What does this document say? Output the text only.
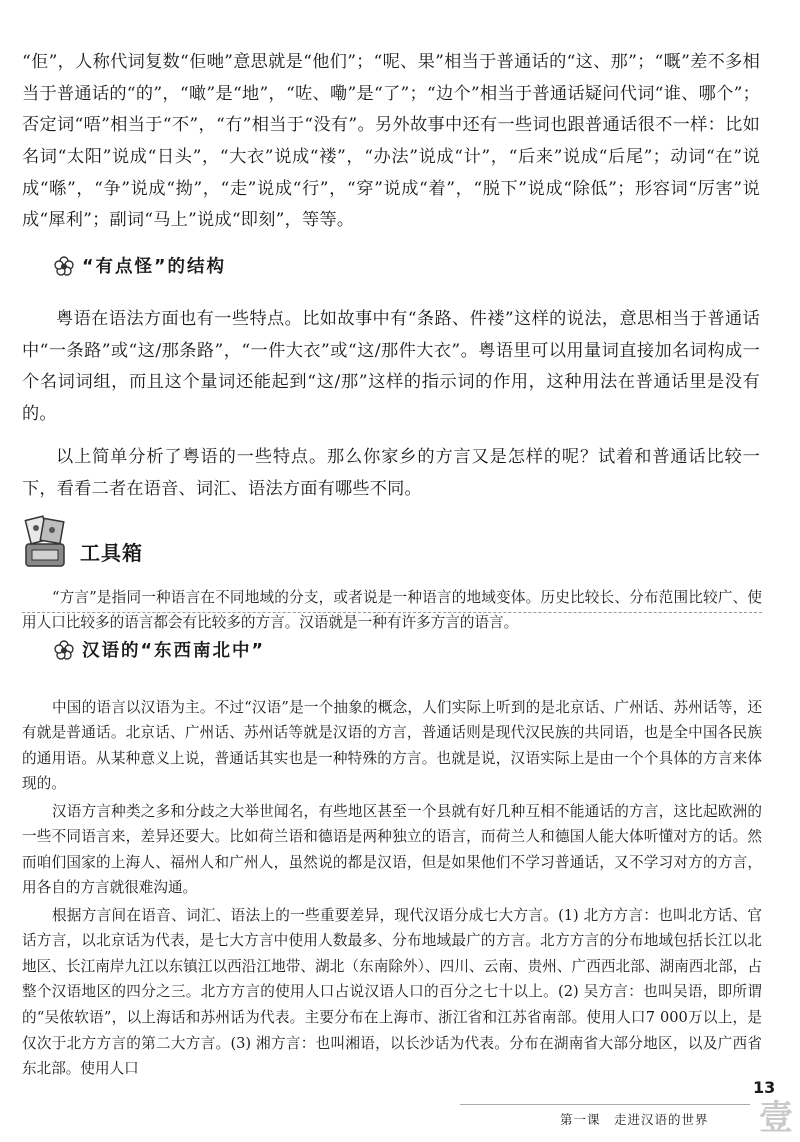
“佢”，人称代词复数“佢哋”意思就是“他们”；“呢、果”相当于普通话的“这、那”；“嘅”差不多相当于普通话的“的”，“噉”是“地”，“咗、嘞”是“了”；“边个”相当于普通话疑问代词“谁、哪个”；否定词“唔”相当于“不”，“冇”相当于“没有”。另外故事中还有一些词也跟普通话很不一样：比如名词“太阳”说成“日头”，“大衣”说成“褛”，“办法”说成“计”，“后来”说成“后尾”；动词“在”说成“喺”，“争”说成“拗”，“走”说成“行”，“穿”说成“着”，“脱下”说成“除低”；形容词“厉害”说成“犀利”；副词“马上”说成“即刻”，等等。

“有点怪”的结构

粤语在语法方面也有一些特点。比如故事中有“条路、件褛”这样的说法，意思相当于普通话中“一条路”或“这/那条路”，“一件大衣”或“这/那件大衣”。粤语里可以用量词直接加名词构成一个名词词组，而且这个量词还能起到“这/那”这样的指示词的作用，这种用法在普通话里是没有的。

以上简单分析了粤语的一些特点。那么你家乡的方言又是怎样的呢？试着和普通话比较一下，看看二者在语音、词汇、语法方面有哪些不同。

工具箱

“方言”是指同一种语言在不同地域的分支，或者说是一种语言的地域变体。历史比较长、分布范围比较广、使用人口比较多的语言都会有比较多的方言。汉语就是一种有许多方言的语言。

汉语的“东西南北中”

中国的语言以汉语为主。不过“汉语”是一个抽象的概念，人们实际上听到的是北京话、广州话、苏州话等，还有就是普通话。北京话、广州话、苏州话等就是汉语的方言，普通话则是现代汉民族的共同语，也是全中国各民族的通用语。从某种意义上说，普通话其实也是一种特殊的方言。也就是说，汉语实际上是由一个个具体的方言来体现的。

汉语方言种类之多和分歧之大举世闻名，有些地区甚至一个县就有好几种互相不能通话的方言，这比起欧洲的一些不同语言来，差异还要大。比如荷兰语和德语是两种独立的语言，而荷兰人和德国人能大体听懂对方的话。然而咱们国家的上海人、福州人和广州人，虽然说的都是汉语，但是如果他们不学习普通话，又不学习对方的方言，用各自的方言就很难沟通。

根据方言间在语音、词汇、语法上的一些重要差异，现代汉语分成七大方言。(1) 北方方言：也叫北方话、官话方言，以北京话为代表，是七大方言中使用人数最多、分布地域最广的方言。北方方言的分布地域包括长江以北地区、长江南岸九江以东镇江以西沿江地带、湖北（东南除外）、四川、云南、贵州、广西西北部、湖南西北部，占整个汉语地区的四分之三。北方方言的使用人口占说汉语人口的百分之七十以上。(2) 吴方言：也叫吴语，即所谓的“吴侬软语”，以上海话和苏州话为代表。主要分布在上海市、浙江省和江苏省南部。使用人口7 000万以上，是仅次于北方方言的第二大方言。(3) 湘方言：也叫湘语，以长沙话为代表。分布在湖南省大部分地区，以及广西省东北部。使用人口

13
第一课　走进汉语的世界 壹
